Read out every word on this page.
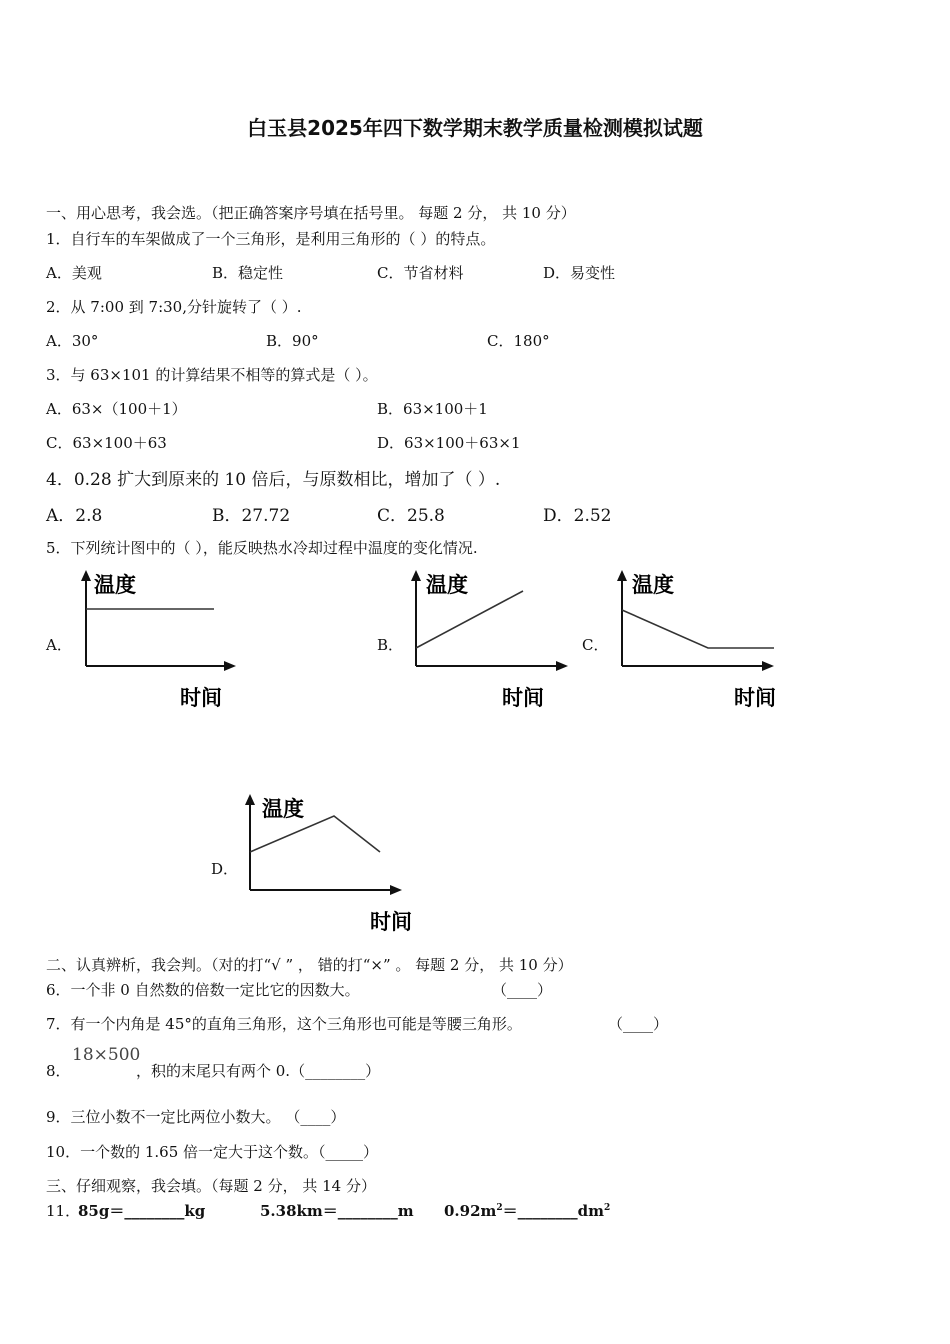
白玉县2025年四下数学期末教学质量检测模拟试题
一、用心思考，我会选。（把正确答案序号填在括号里。 每题 2 分， 共 10 分）
1．自行车的车架做成了一个三角形，是利用三角形的（ ）的特点。
A．美观	B．稳定性	C．节省材料	D．易变性
2．从 7:00 到 7:30,分针旋转了（ ）.
A．30°	B．90°	C．180°
3．与 63×101 的计算结果不相等的算式是（ ）。
A．63×（100＋1）	B．63×100＋1
C．63×100＋63	D．63×100＋63×1
4．0.28 扩大到原来的 10 倍后，与原数相比，增加了（ ）.
A．2.8	B．27.72	C．25.8	D．2.52
5．下列统计图中的（ ），能反映热水冷却过程中温度的变化情况.
A．
温度
时间
B．
温度
时间
C．
温度
时间
D．
温度
时间
二、认真辨析，我会判。（对的打“√ ” ， 错的打“×” 。 每题 2 分， 共 10 分）
6．一个非 0 自然数的倍数一定比它的因数大。	（____）
7．有一个内角是 45°的直角三角形，这个三角形也可能是等腰三角形。	（____）
8．
18×500
，积的末尾只有两个 0.（________）
9．三位小数不一定比两位小数大。 （____）
10．一个数的 1.65 倍一定大于这个数。（_____）
三、仔细观察，我会填。（每题 2 分， 共 14 分）
11．
85g＝________kg	5.38km＝________m $0.92m^2=\_\_\_\_\_\_\_\_dm^2$
